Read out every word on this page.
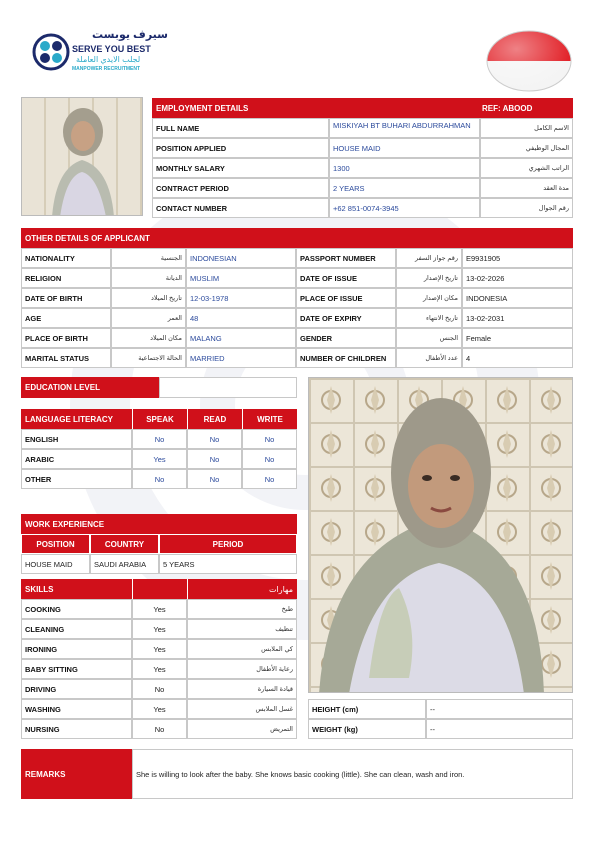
سيرف يوبست
SERVE YOU BEST
لجلب الايدي العاملة
MANPOWER RECRUITMENT
EMPLOYMENT DETAILS	REF: ABOOD
FULL NAME	MISKIYAH BT BUHARI ABDURRAHMAN	الاسم الكامل
POSITION APPLIED	HOUSE MAID	المجال الوظيفي
MONTHLY SALARY	1300	الراتب الشهري
CONTRACT PERIOD	2 YEARS	مدة العقد
CONTACT NUMBER	+62 851-0074-3945	رقم الجوال
OTHER DETAILS OF APPLICANT
NATIONALITY	الجنسية	INDONESIAN
RELIGION	الديانة	MUSLIM
DATE OF BIRTH	تاريخ الميلاد	12-03-1978
AGE	العمر	48
PLACE OF BIRTH	مكان الميلاد	MALANG
MARITAL STATUS	الحالة الاجتماعية	MARRIED
PASSPORT NUMBER	رقم جواز السفر	E9931905
DATE OF ISSUE	تاريخ الإصدار	13-02-2026
PLACE OF ISSUE	مكان الإصدار	INDONESIA
DATE OF EXPIRY	تاريخ الانتهاء	13-02-2031
GENDER	الجنس	Female
NUMBER OF CHILDREN	عدد الأطفال	4
EDUCATION LEVEL
LANGUAGE LITERACY	SPEAK	READ	WRITE
ENGLISH	No	No	No
ARABIC	Yes	No	No
OTHER	No	No	No
WORK EXPERIENCE
POSITION	COUNTRY	PERIOD
HOUSE MAID	SAUDI ARABIA	5 YEARS
SKILLS	مهارات
COOKING	Yes	طبخ
CLEANING	Yes	تنظيف
IRONING	Yes	كي الملابس
BABY SITTING	Yes	رعاية الأطفال
DRIVING	No	قيادة السيارة
WASHING	Yes	غسل الملابس
NURSING	No	التمريض
HEIGHT (cm)	--
WEIGHT (kg)	--
REMARKS	She is willing to look after the baby. She knows basic cooking (little). She can clean, wash and iron.
